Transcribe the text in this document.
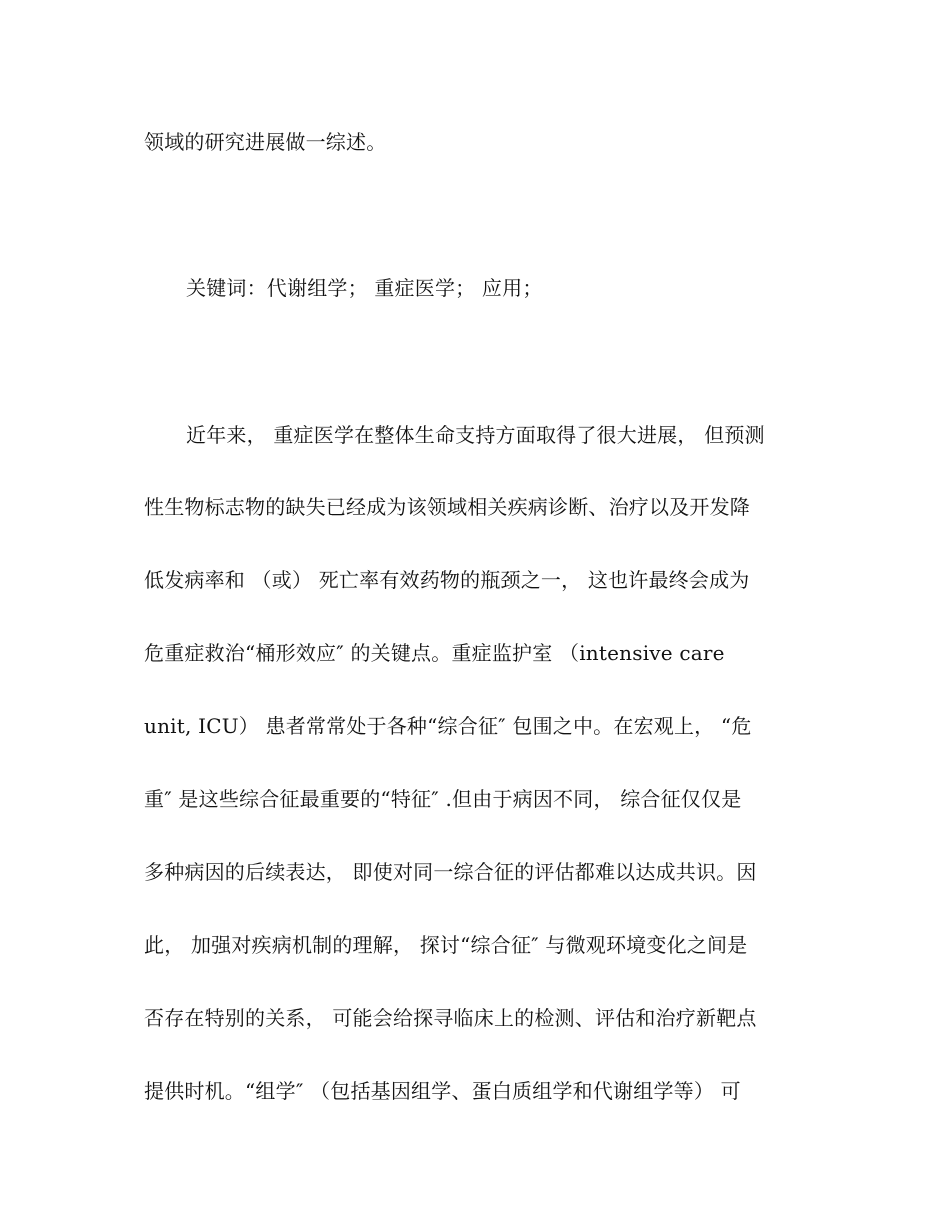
领域的研究进展做一综述。
关键词：代谢组学； 重症医学； 应用；
近年来， 重症医学在整体生命支持方面取得了很大进展， 但预测
性生物标志物的缺失已经成为该领域相关疾病诊断、治疗以及开发降
低发病率和 （或） 死亡率有效药物的瓶颈之一， 这也许最终会成为
危重症救治“桶形效应″ 的关键点。重症监护室 （intensive care
unit, ICU） 患者常常处于各种“综合征″ 包围之中。在宏观上， “危
重″ 是这些综合征最重要的“特征″ .但由于病因不同， 综合征仅仅是
多种病因的后续表达， 即使对同一综合征的评估都难以达成共识。因
此， 加强对疾病机制的理解， 探讨“综合征″ 与微观环境变化之间是
否存在特别的关系， 可能会给探寻临床上的检测、评估和治疗新靶点
提供时机。“组学″ （包括基因组学、蛋白质组学和代谢组学等） 可
